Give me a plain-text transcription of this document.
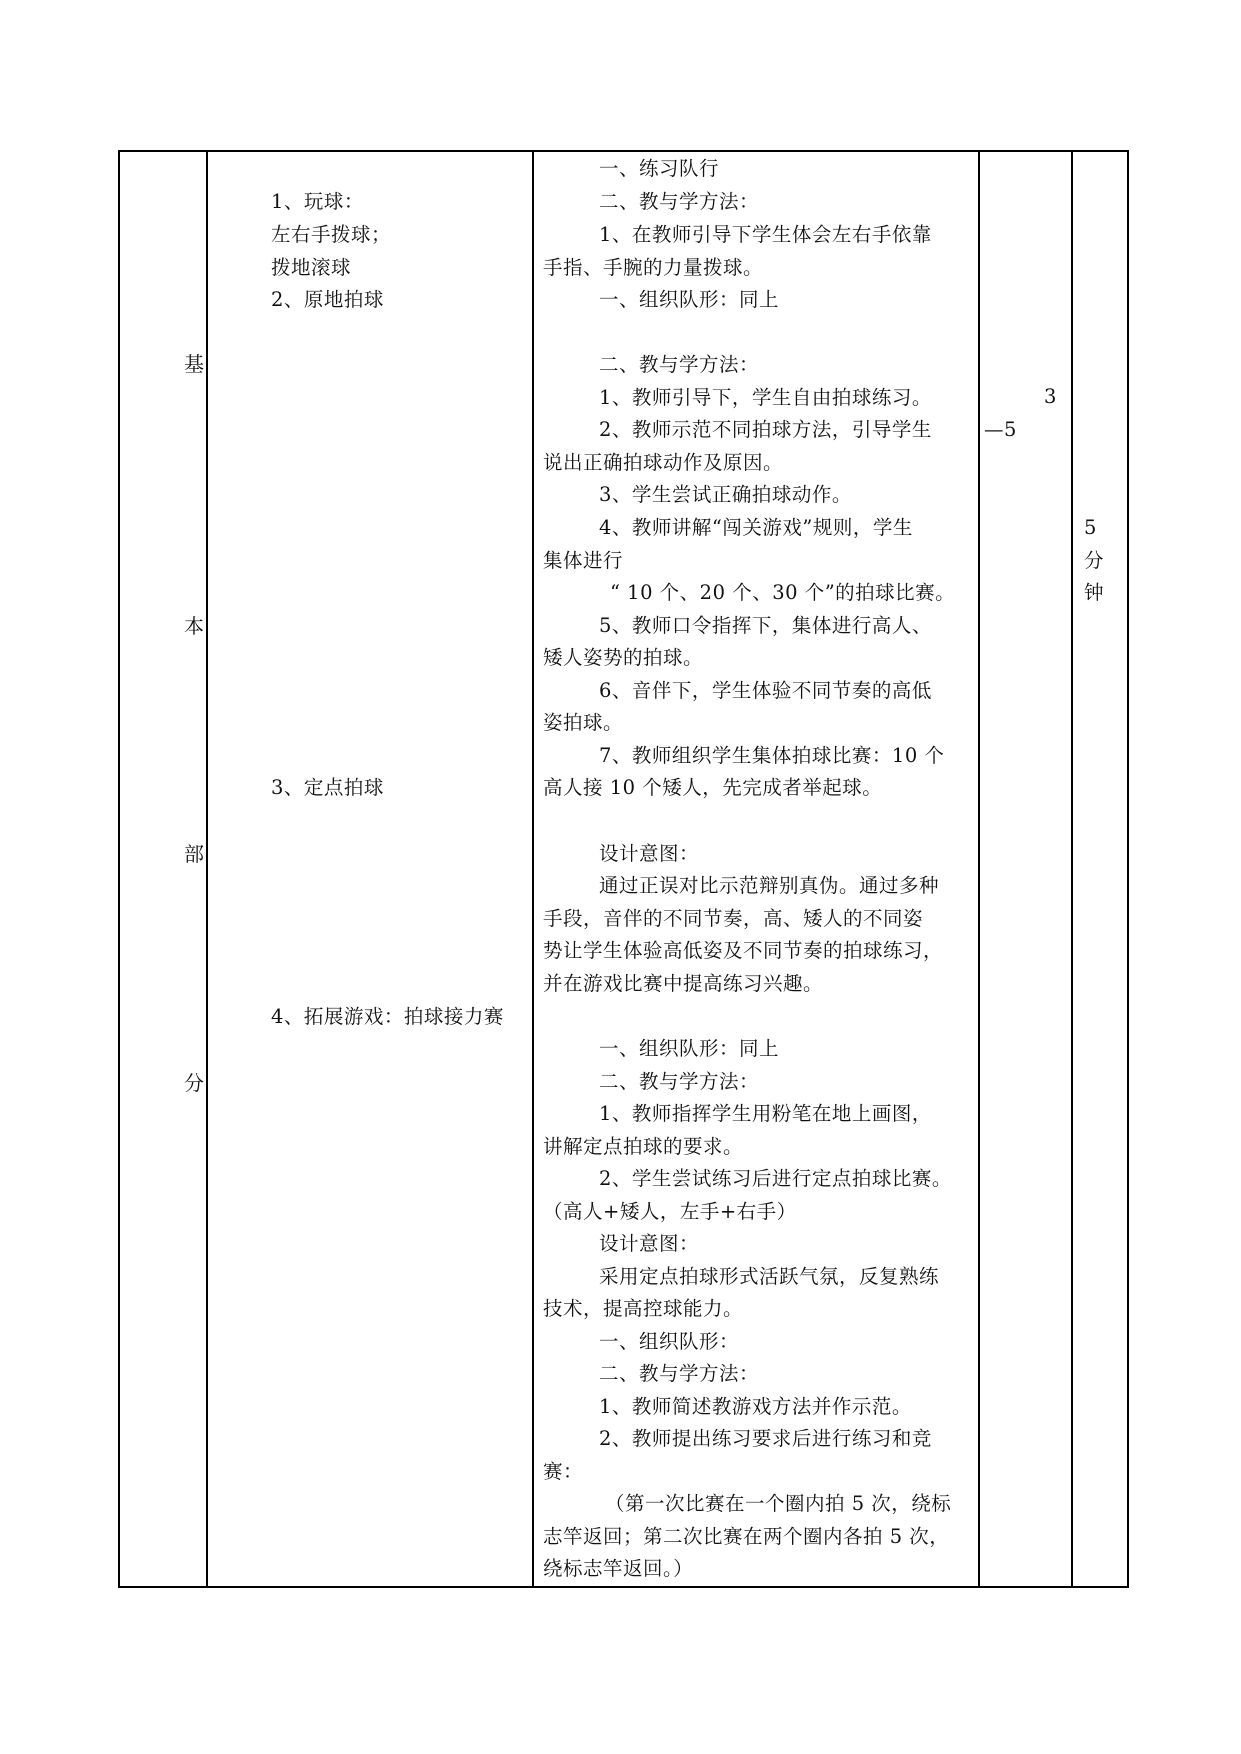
基
本
部
分
1、玩球：
左右手拨球；
拨地滚球
2、原地拍球
3、定点拍球
4、拓展游戏：拍球接力赛
一、练习队行
二、教与学方法：
1、在教师引导下学生体会左右手依靠
手指、手腕的力量拨球。
一、组织队形：同上
二、教与学方法：
1、教师引导下，学生自由拍球练习。
2、教师示范不同拍球方法，引导学生
说出正确拍球动作及原因。
3、学生尝试正确拍球动作。
4、教师讲解“闯关游戏”规则，学生
集体进行
“ 10 个、20 个、30 个”的拍球比赛。
5、教师口令指挥下，集体进行高人、
矮人姿势的拍球。
6、音伴下，学生体验不同节奏的高低
姿拍球。
7、教师组织学生集体拍球比赛：10 个
高人接 10 个矮人，先完成者举起球。
设计意图：
通过正误对比示范辩别真伪。通过多种
手段，音伴的不同节奏，高、矮人的不同姿
势让学生体验高低姿及不同节奏的拍球练习，
并在游戏比赛中提高练习兴趣。
一、组织队形：同上
二、教与学方法：
1、教师指挥学生用粉笔在地上画图，
讲解定点拍球的要求。
2、学生尝试练习后进行定点拍球比赛。
（高人+矮人，左手+右手）
设计意图：
采用定点拍球形式活跃气氛，反复熟练
技术，提高控球能力。
一、组织队形：
二、教与学方法：
1、教师简述教游戏方法并作示范。
2、教师提出练习要求后进行练习和竞
赛：
（第一次比赛在一个圈内拍 5 次，绕标
志竿返回；第二次比赛在两个圈内各拍 5 次，
绕标志竿返回。）
3
—5
5
分
钟
